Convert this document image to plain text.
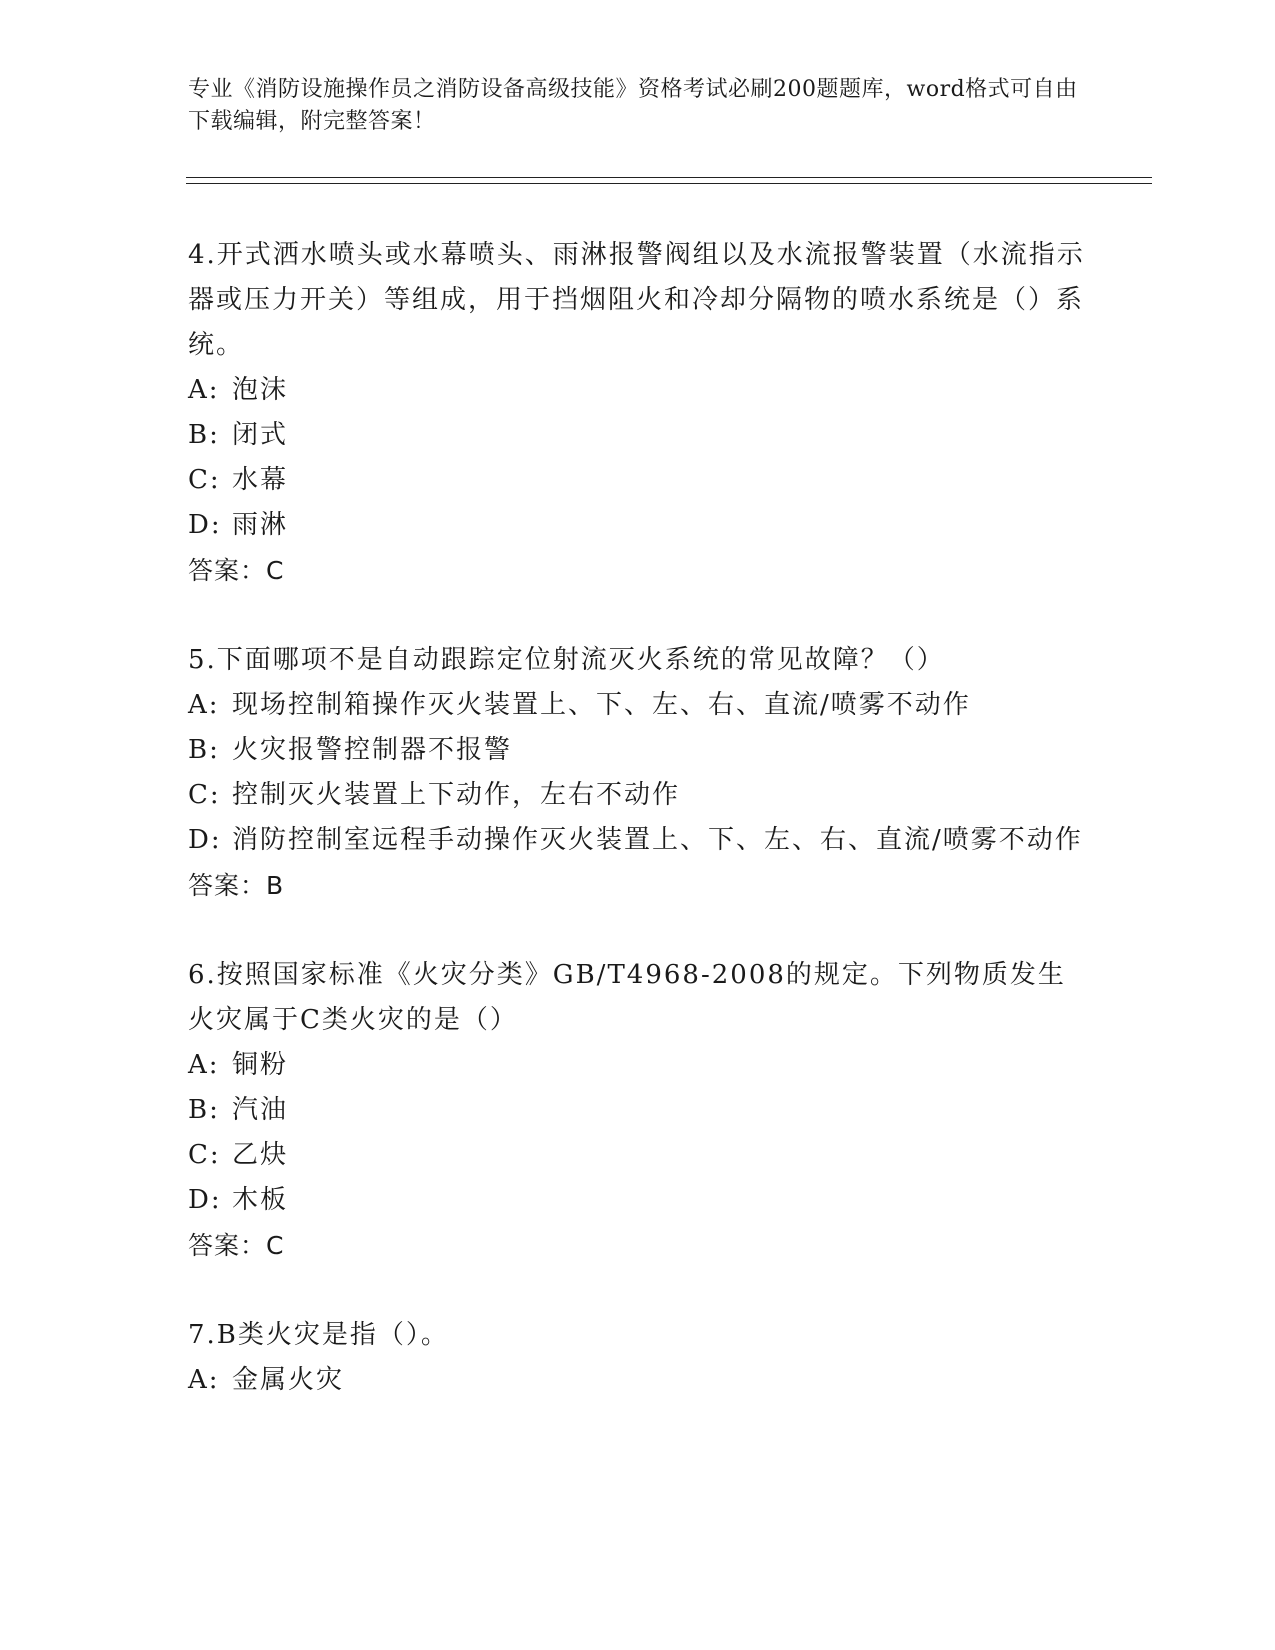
专业《消防设施操作员之消防设备高级技能》资格考试必刷200题题库，word格式可自由下载编辑，附完整答案！
4.开式洒水喷头或水幕喷头、雨淋报警阀组以及水流报警装置（水流指示器或压力开关）等组成，用于挡烟阻火和冷却分隔物的喷水系统是（）系统。
A: 泡沫
B: 闭式
C: 水幕
D: 雨淋
答案：C
5.下面哪项不是自动跟踪定位射流灭火系统的常见故障？（）
A: 现场控制箱操作灭火装置上、下、左、右、直流/喷雾不动作
B: 火灾报警控制器不报警
C: 控制灭火装置上下动作，左右不动作
D: 消防控制室远程手动操作灭火装置上、下、左、右、直流/喷雾不动作
答案：B
6.按照国家标准《火灾分类》GB/T4968-2008的规定。下列物质发生火灾属于C类火灾的是（）
A: 铜粉
B: 汽油
C: 乙炔
D: 木板
答案：C
7.B类火灾是指（）。
A: 金属火灾
